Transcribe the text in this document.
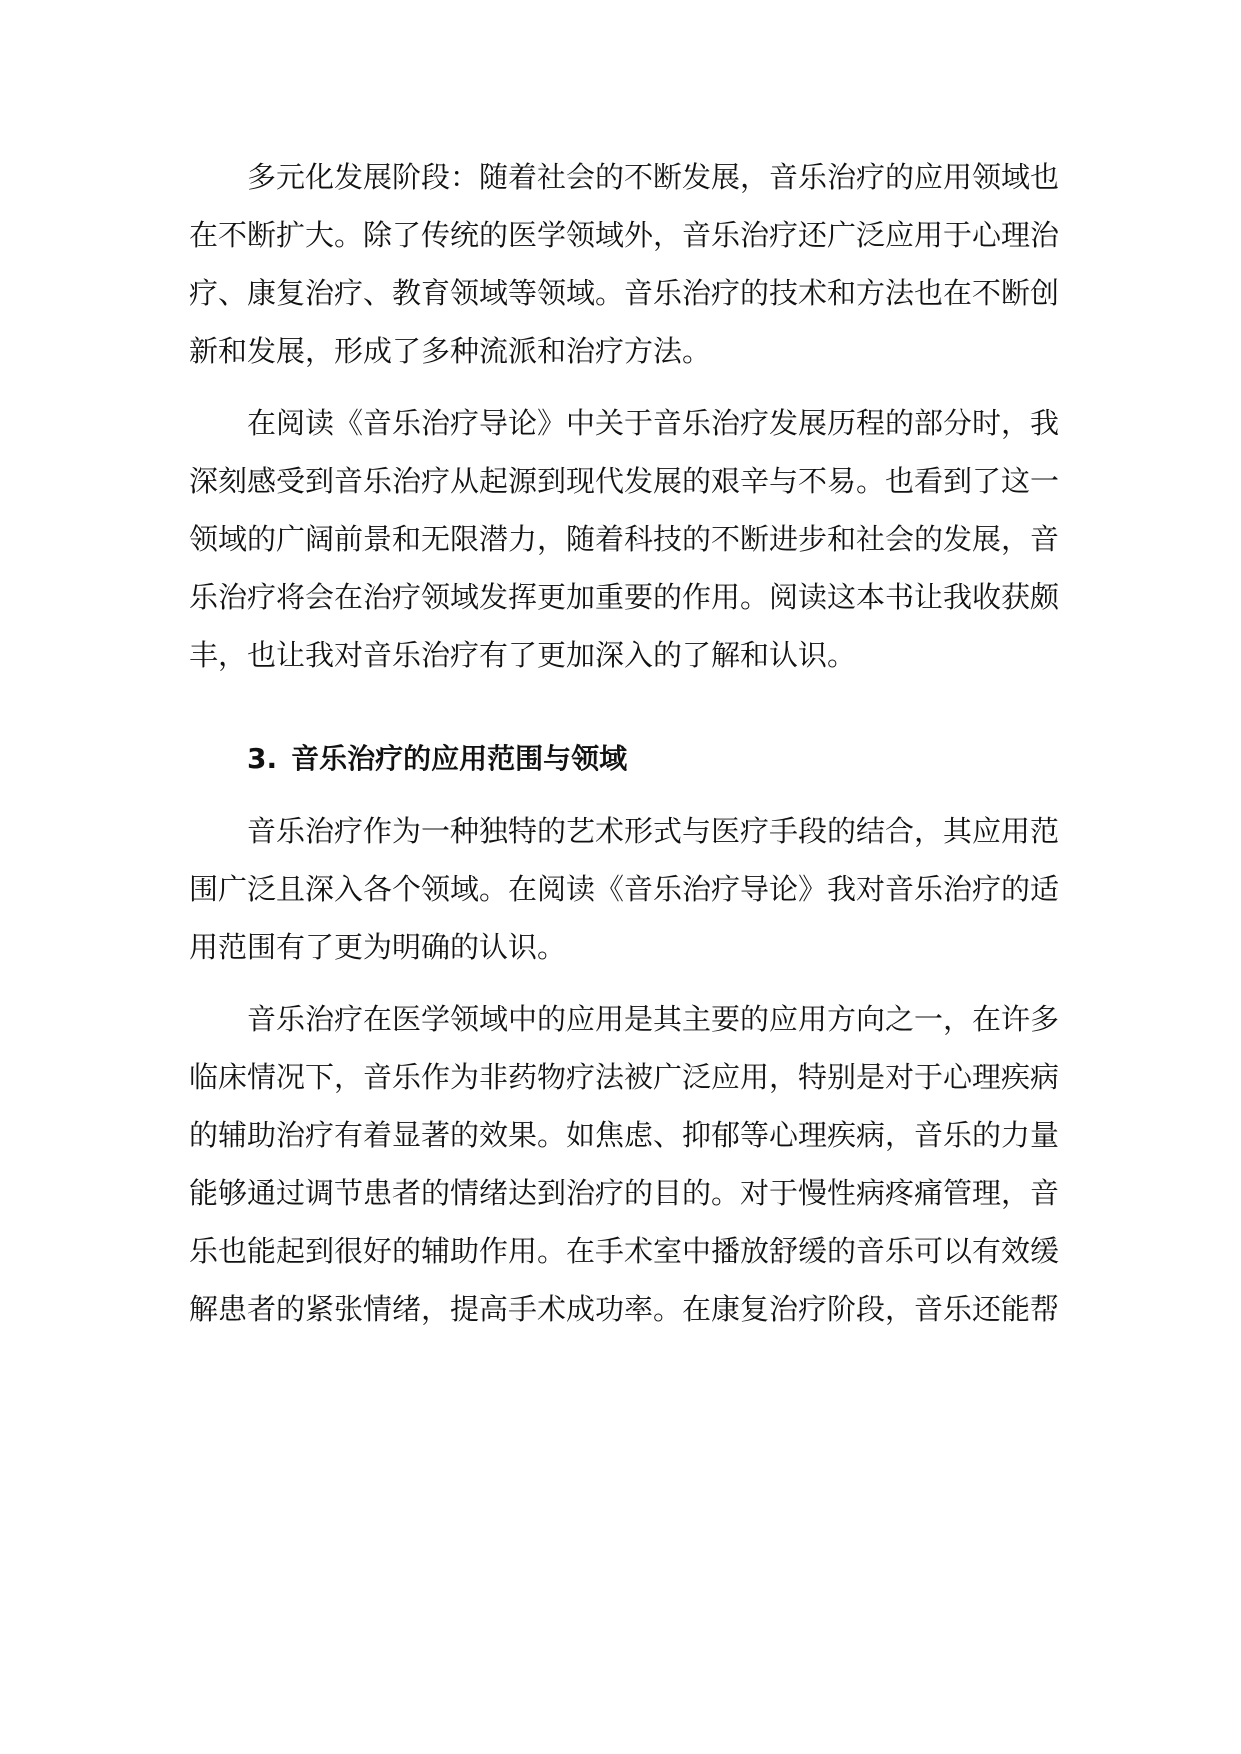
多元化发展阶段：随着社会的不断发展，音乐治疗的应用领域也
在不断扩大。除了传统的医学领域外，音乐治疗还广泛应用于心理治
疗、康复治疗、教育领域等领域。音乐治疗的技术和方法也在不断创
新和发展，形成了多种流派和治疗方法。
在阅读《音乐治疗导论》中关于音乐治疗发展历程的部分时，我
深刻感受到音乐治疗从起源到现代发展的艰辛与不易。也看到了这一
领域的广阔前景和无限潜力，随着科技的不断进步和社会的发展，音
乐治疗将会在治疗领域发挥更加重要的作用。阅读这本书让我收获颇
丰，也让我对音乐治疗有了更加深入的了解和认识。
3. 音乐治疗的应用范围与领域
音乐治疗作为一种独特的艺术形式与医疗手段的结合，其应用范
围广泛且深入各个领域。在阅读《音乐治疗导论》我对音乐治疗的适
用范围有了更为明确的认识。
音乐治疗在医学领域中的应用是其主要的应用方向之一，在许多
临床情况下，音乐作为非药物疗法被广泛应用，特别是对于心理疾病
的辅助治疗有着显著的效果。如焦虑、抑郁等心理疾病，音乐的力量
能够通过调节患者的情绪达到治疗的目的。对于慢性病疼痛管理，音
乐也能起到很好的辅助作用。在手术室中播放舒缓的音乐可以有效缓
解患者的紧张情绪，提高手术成功率。在康复治疗阶段，音乐还能帮
